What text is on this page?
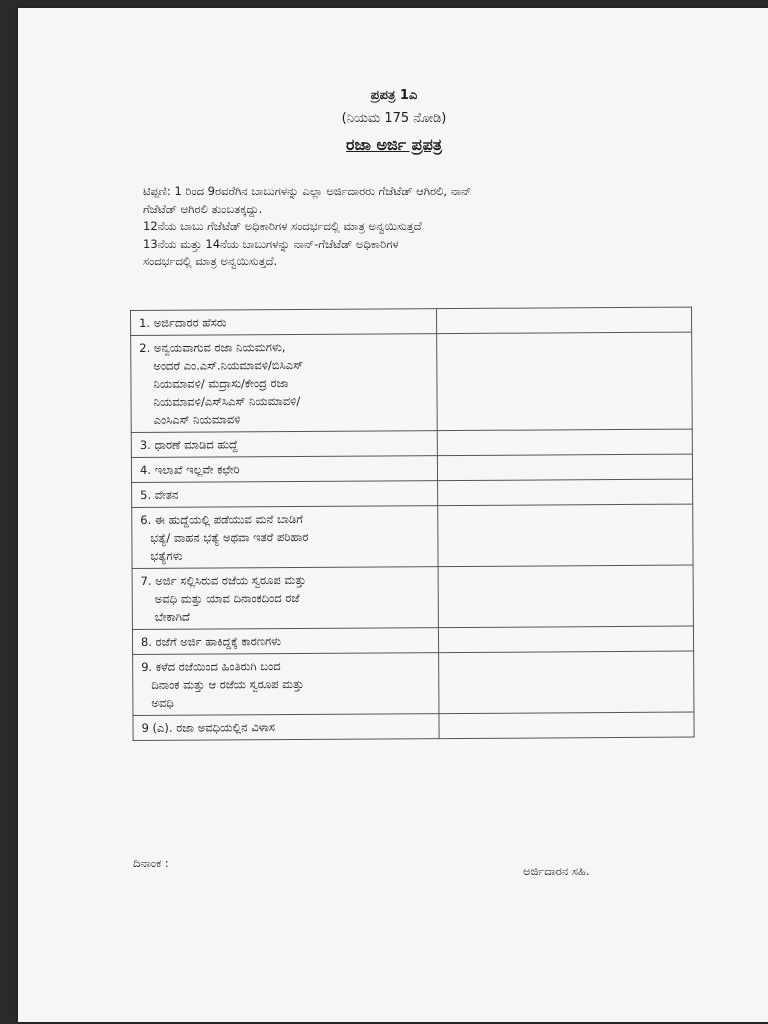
ಪ್ರಪತ್ರ 1ಎ
(ನಿಯಮ 175 ನೋಡಿ)
ರಜಾ ಅರ್ಜಿ ಪ್ರಪತ್ರ

ಟಿಪ್ಪಣಿ: 1 ರಿಂದ 9ರವರೆಗಿನ ಬಾಬುಗಳನ್ನು ಎಲ್ಲಾ ಅರ್ಜಿದಾರರು ಗೆಜೆಟೆಡ್ ಆಗಿರಲಿ, ನಾನ್

ಗೆಜೆಟೆಡ್ ಆಗಿರಲಿ ತುಂಬತಕ್ಕದ್ದು.

12ನೆಯ ಬಾಬು ಗೆಜೆಟೆಡ್ ಅಧಿಕಾರಿಗಳ ಸಂದರ್ಭದಲ್ಲಿ ಮಾತ್ರ ಅನ್ವಯಿಸುತ್ತದೆ

13ನೆಯ ಮತ್ತು 14ನೆಯ ಬಾಬುಗಳನ್ನು ನಾನ್-ಗೆಜೆಟೆಡ್ ಅಧಿಕಾರಿಗಳ

ಸಂದರ್ಭದಲ್ಲಿ ಮಾತ್ರ ಅನ್ವಯಿಸುತ್ತದೆ.

1. ಅರ್ಜಿದಾರರ ಹೆಸರು	

2. ಅನ್ವಯವಾಗುವ ರಜಾ ನಿಯಮಗಳು,
ಅಂದರೆ ಎಂ.ಎಸ್.ನಿಯಮಾವಳಿ/ಬಿಸಿಎಸ್
ನಿಯಮಾವಳಿ/ ಮದ್ರಾಸು/ಕೇಂದ್ರ ರಜಾ
ನಿಯಮಾವಳಿ/ಎಸ್‌ಸಿಎಸ್ ನಿಯಮಾವಳಿ/
ಎಂಸಿಎಸ್ ನಿಯಮಾವಳಿ	

3. ಧಾರಣೆ ಮಾಡಿದ ಹುದ್ದೆ	

4. ಇಲಾಖೆ ಇಲ್ಲವೇ ಕಛೇರಿ	

5. ವೇತನ	

6. ಈ ಹುದ್ದೆಯಲ್ಲಿ ಪಡೆಯುವ ಮನೆ ಬಾಡಿಗೆ
ಭತ್ಯೆ/ ವಾಹನ ಭತ್ಯೆ ಅಥವಾ ಇತರೆ ಪರಿಹಾರ
ಭತ್ಯೆಗಳು	

7. ಅರ್ಜಿ ಸಲ್ಲಿಸಿರುವ ರಜೆಯ ಸ್ವರೂಪ ಮತ್ತು
ಅವಧಿ ಮತ್ತು ಯಾವ ದಿನಾಂಕದಿಂದ ರಜೆ
ಬೇಕಾಗಿದೆ	

8. ರಜೆಗೆ ಅರ್ಜಿ ಹಾಕಿದ್ದಕ್ಕೆ ಕಾರಣಗಳು	

9. ಕಳೆದ ರಜೆಯಿಂದ ಹಿಂತಿರುಗಿ ಬಂದ
ದಿನಾಂಕ ಮತ್ತು ಆ ರಜೆಯ ಸ್ವರೂಪ ಮತ್ತು
ಅವಧಿ	

9 (ಎ). ರಜಾ ಅವಧಿಯಲ್ಲಿನ ವಿಳಾಸ	

ದಿನಾಂಕ :
ಅರ್ಜಿದಾರನ ಸಹಿ.
